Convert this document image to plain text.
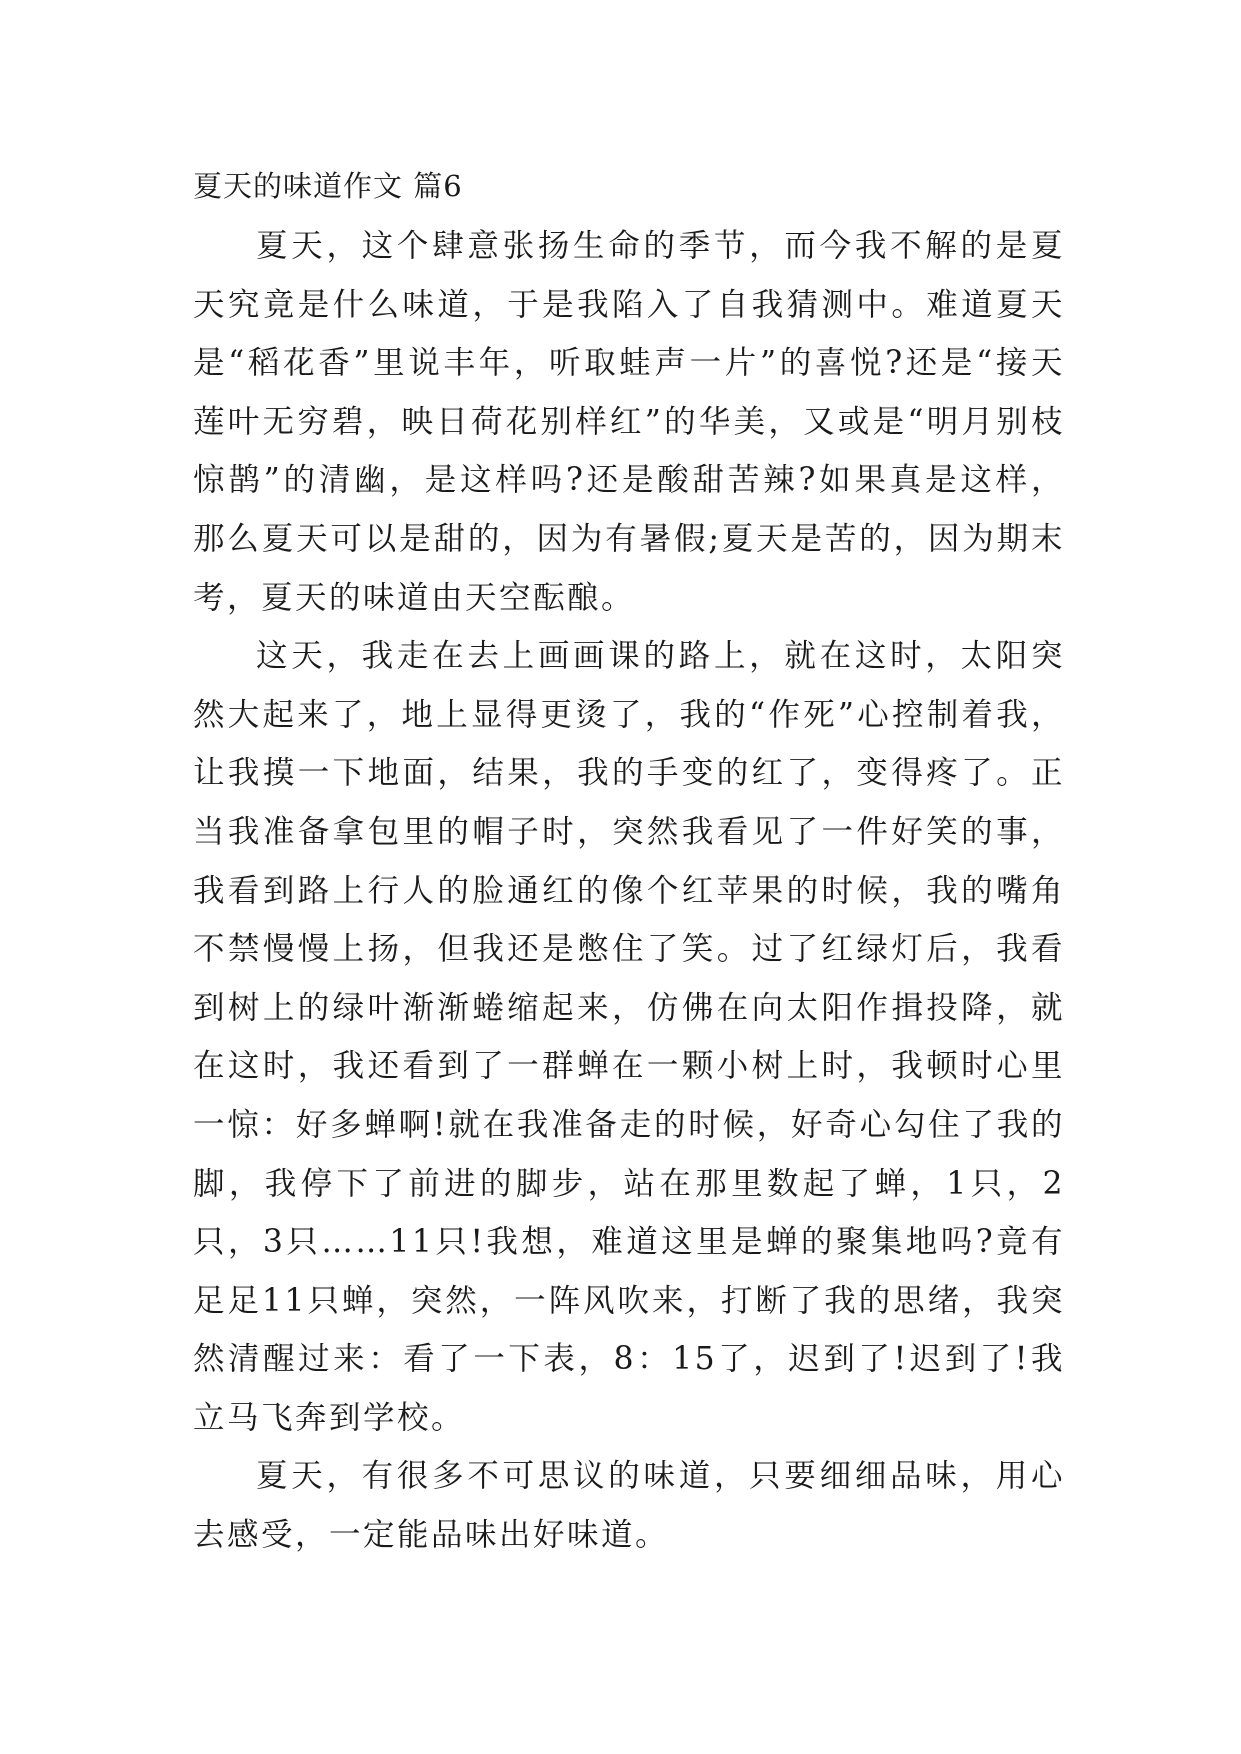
夏天的味道作文 篇6

夏天，这个肆意张扬生命的季节，而今我不解的是夏天究竟是什么味道，于是我陷入了自我猜测中。难道夏天是“稻花香”里说丰年，听取蛙声一片”的喜悦?还是“接天莲叶无穷碧，映日荷花别样红”的华美，又或是“明月别枝惊鹊”的清幽，是这样吗?还是酸甜苦辣?如果真是这样，那么夏天可以是甜的，因为有暑假;夏天是苦的，因为期末考，夏天的味道由天空酝酿。

这天，我走在去上画画课的路上，就在这时，太阳突然大起来了，地上显得更烫了，我的“作死”心控制着我，让我摸一下地面，结果，我的手变的红了，变得疼了。正当我准备拿包里的帽子时，突然我看见了一件好笑的事，我看到路上行人的脸通红的像个红苹果的时候，我的嘴角不禁慢慢上扬，但我还是憋住了笑。过了红绿灯后，我看到树上的绿叶渐渐蜷缩起来，仿佛在向太阳作揖投降，就在这时，我还看到了一群蝉在一颗小树上时，我顿时心里一惊：好多蝉啊!就在我准备走的时候，好奇心勾住了我的脚，我停下了前进的脚步，站在那里数起了蝉，1只，2只，3只……11只!我想，难道这里是蝉的聚集地吗?竟有足足11只蝉，突然，一阵风吹来，打断了我的思绪，我突然清醒过来：看了一下表，8：15了，迟到了!迟到了!我立马飞奔到学校。

夏天，有很多不可思议的味道，只要细细品味，用心去感受，一定能品味出好味道。
